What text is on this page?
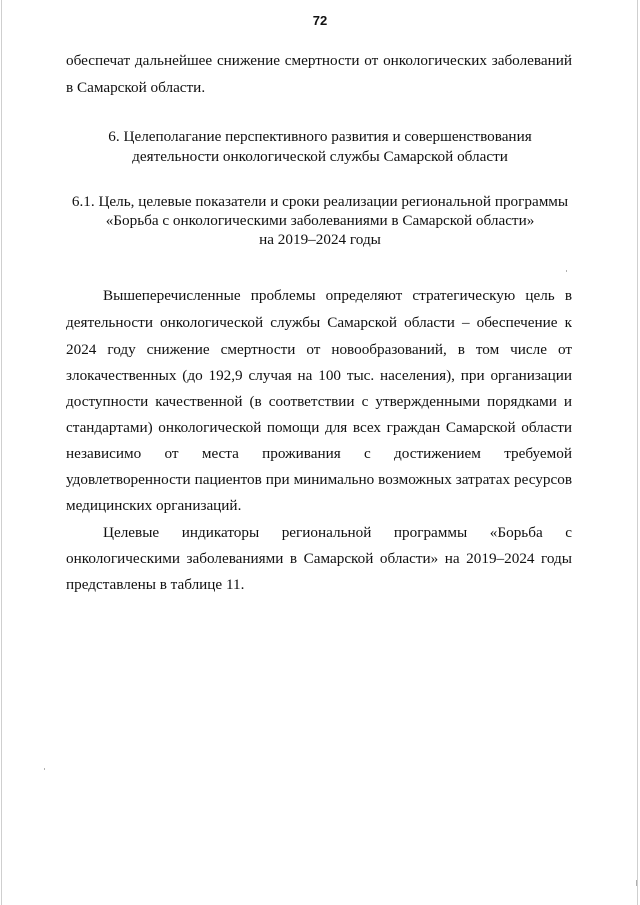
72
обеспечат дальнейшее снижение смертности от онкологических заболеваний
в Самарской области.
6. Целеполагание перспективного развития и совершенствования
деятельности онкологической службы Самарской области
6.1. Цель, целевые показатели и сроки реализации региональной программы
«Борьба с онкологическими заболеваниями в Самарской области»
на 2019–2024 годы
Вышеперечисленные проблемы определяют стратегическую цель в
деятельности онкологической службы Самарской области – обеспечение к
2024 году снижение смертности от новообразований, в том числе от
злокачественных (до 192,9 случая на 100 тыс. населения), при организации
доступности качественной (в соответствии с утвержденными порядками и
стандартами) онкологической помощи для всех граждан Самарской области
независимо от места проживания с достижением требуемой
удовлетворенности пациентов при минимально возможных затратах ресурсов
медицинских организаций.
Целевые индикаторы региональной программы «Борьба с
онкологическими заболеваниями в Самарской области» на 2019–2024 годы
представлены в таблице 11.
